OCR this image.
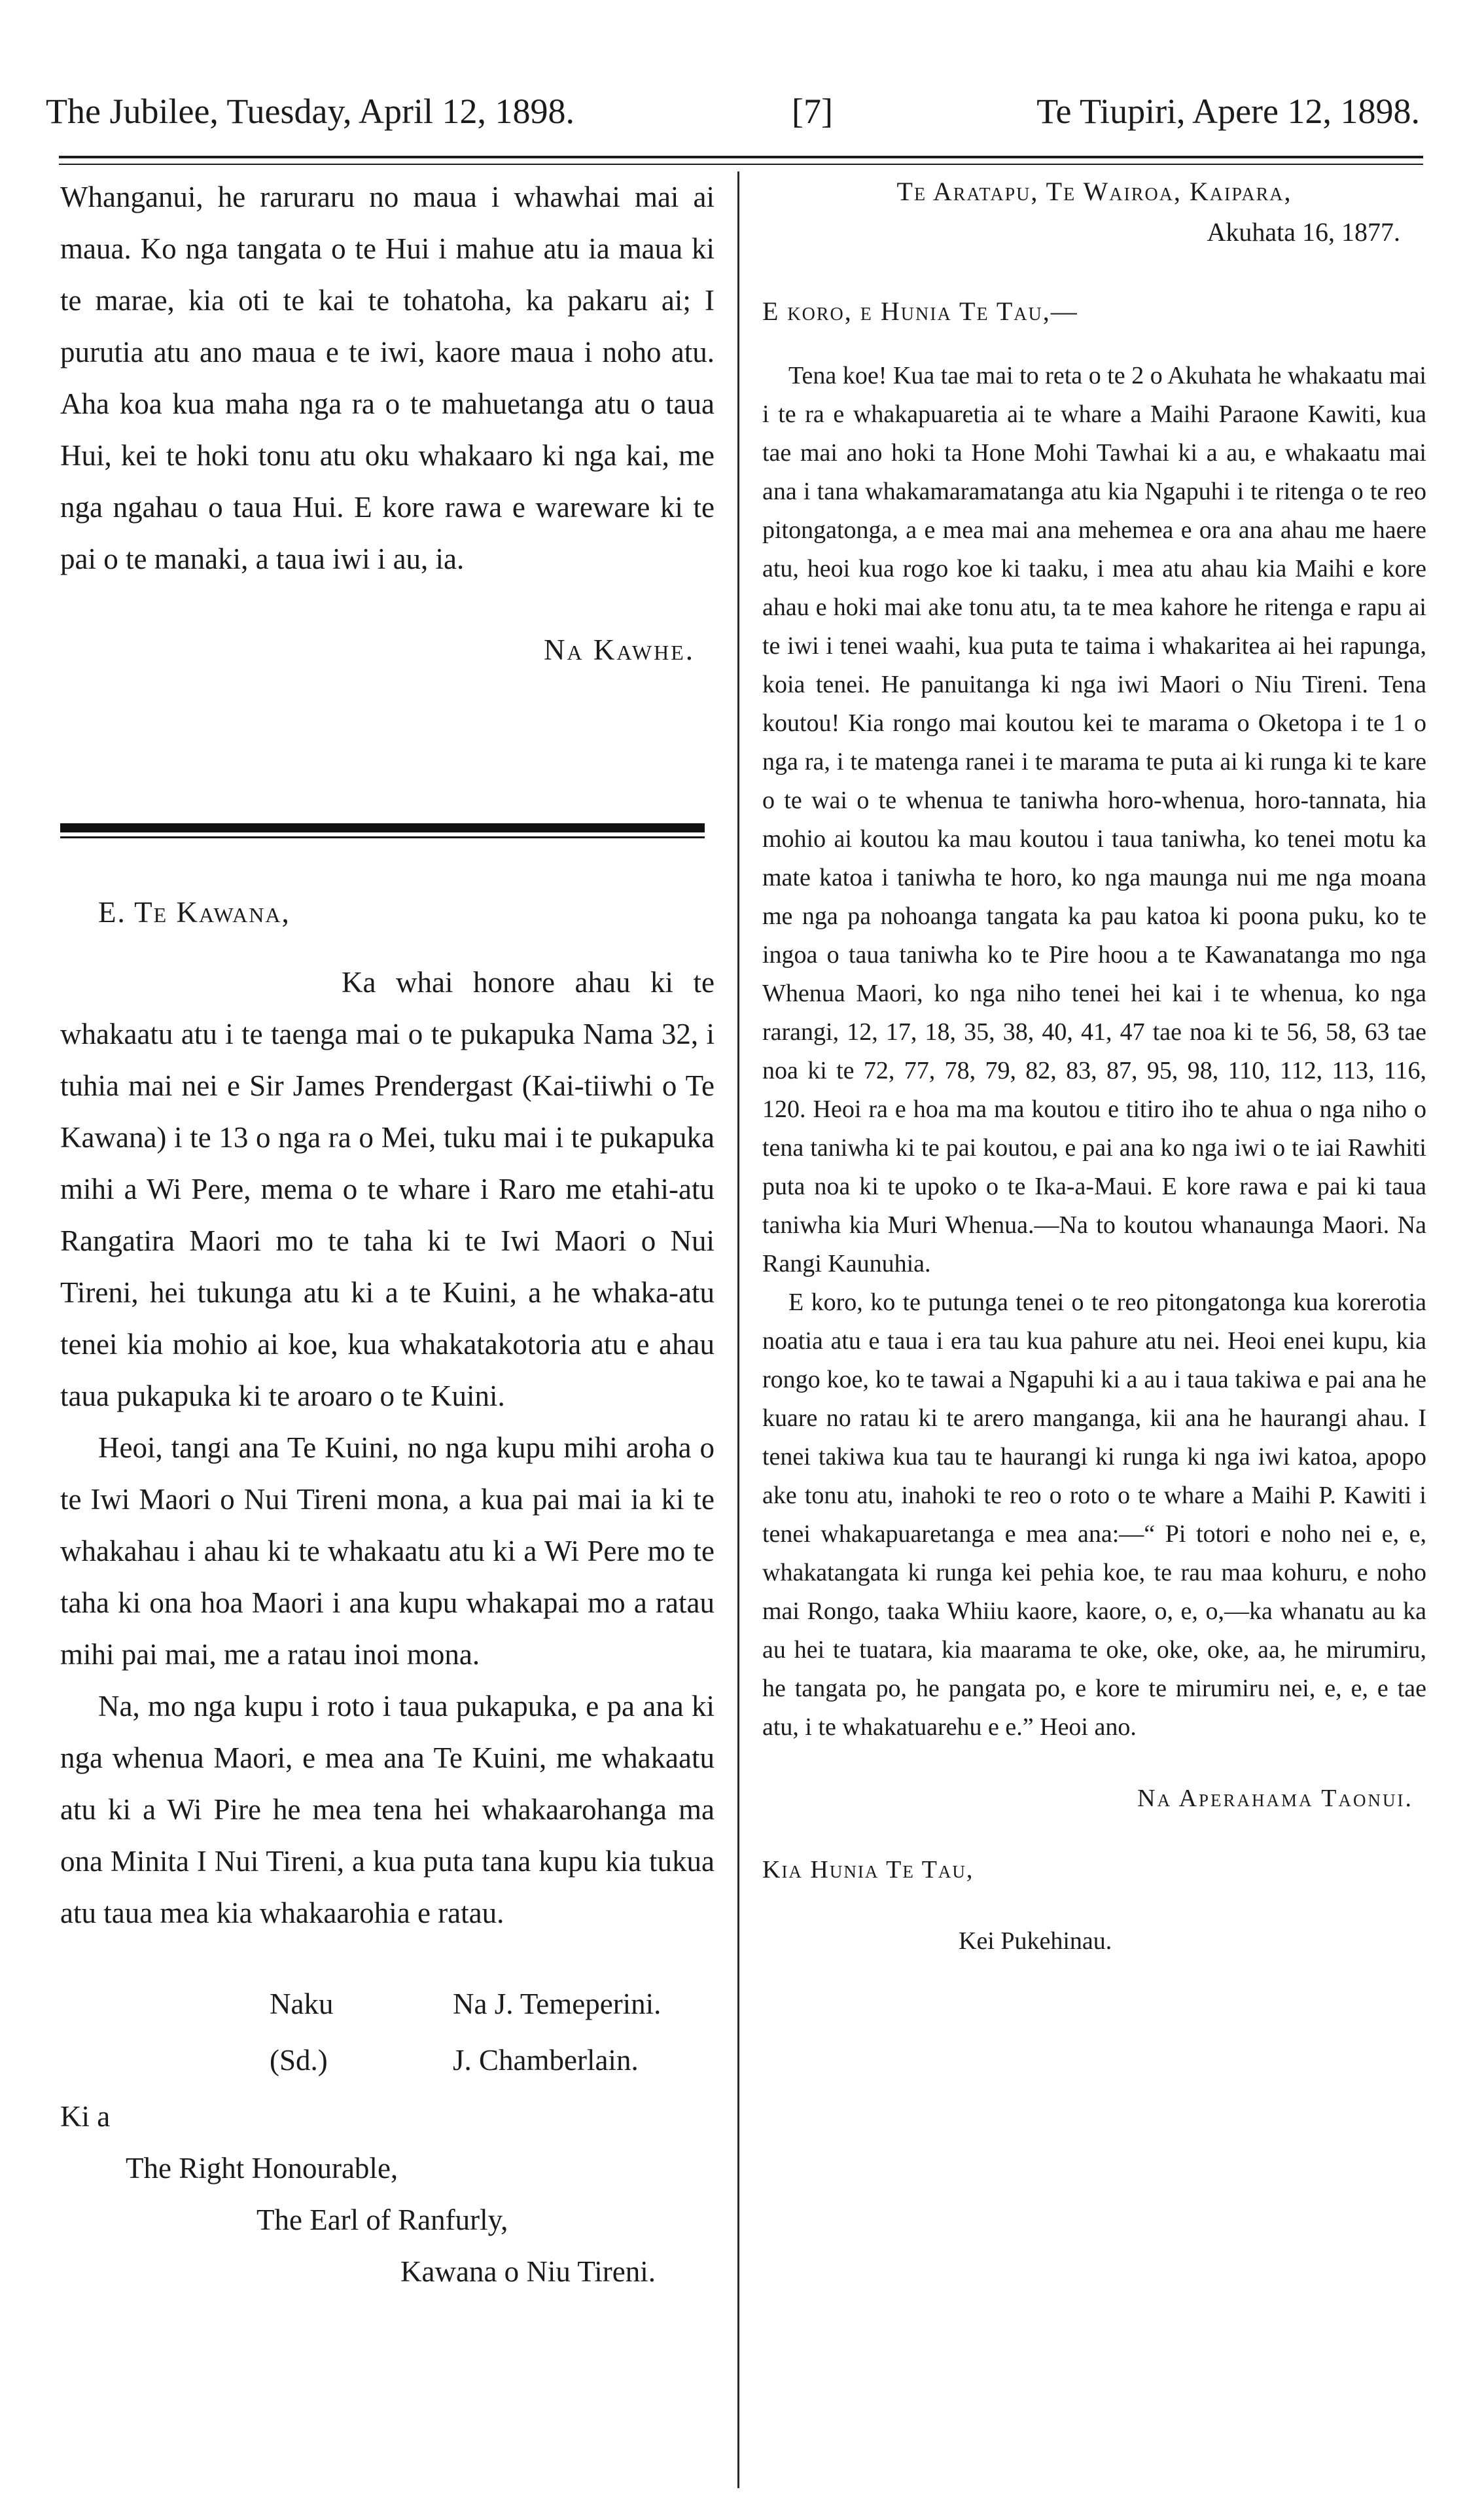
The Jubilee, Tuesday, April 12, 1898.	[7]	Te Tiupiri, Apere 12, 1898.

Whanganui, he raruraru no maua i whawhai mai ai maua. Ko nga tangata o te Hui i mahue atu ia maua ki te marae, kia oti te kai te tohatoha, ka pakaru ai; I purutia atu ano maua e te iwi, kaore maua i noho atu. Aha koa kua maha nga ra o te mahuetanga atu o taua Hui, kei te hoki tonu atu oku whakaaro ki nga kai, me nga ngahau o taua Hui. E kore rawa e wareware ki te pai o te manaki, a taua iwi i au, ia.

Na Kawhe.

E. Te Kawana,

Ka whai honore ahau ki te whakaatu atu i te taenga mai o te pukapuka Nama 32, i tuhia mai nei e Sir James Prendergast (Kai-tiiwhi o Te Kawana) i te 13 o nga ra o Mei, tuku mai i te pukapuka mihi a Wi Pere, mema o te whare i Raro me etahi-atu Rangatira Maori mo te taha ki te Iwi Maori o Nui Tireni, hei tukunga atu ki a te Kuini, a he whaka-atu tenei kia mohio ai koe, kua whakatakotoria atu e ahau taua pukapuka ki te aroaro o te Kuini.

Heoi, tangi ana Te Kuini, no nga kupu mihi aroha o te Iwi Maori o Nui Tireni mona, a kua pai mai ia ki te whakahau i ahau ki te whakaatu atu ki a Wi Pere mo te taha ki ona hoa Maori i ana kupu whakapai mo a ratau mihi pai mai, me a ratau inoi mona.

Na, mo nga kupu i roto i taua pukapuka, e pa ana ki nga whenua Maori, e mea ana Te Kuini, me whakaatu atu ki a Wi Pire he mea tena hei whakaarohanga ma ona Minita I Nui Tireni, a kua puta tana kupu kia tukua atu taua mea kia whakaarohia e ratau.

Naku	Na J. Temeperini.
(Sd.)	J. Chamberlain.

Ki a

The Right Honourable,

The Earl of Ranfurly,

Kawana o Niu Tireni.

Te Aratapu, Te Wairoa, Kaipara,

Akuhata 16, 1877.

E koro, e Hunia Te Tau,—

Tena koe! Kua tae mai to reta o te 2 o Akuhata he whakaatu mai i te ra e whakapuaretia ai te whare a Maihi Paraone Kawiti, kua tae mai ano hoki ta Hone Mohi Tawhai ki a au, e whakaatu mai ana i tana whakamaramatanga atu kia Ngapuhi i te ritenga o te reo pitongatonga, a e mea mai ana mehemea e ora ana ahau me haere atu, heoi kua rogo koe ki taaku, i mea atu ahau kia Maihi e kore ahau e hoki mai ake tonu atu, ta te mea kahore he ritenga e rapu ai te iwi i tenei waahi, kua puta te taima i whakaritea ai hei rapunga, koia tenei. He panuitanga ki nga iwi Maori o Niu Tireni. Tena koutou! Kia rongo mai koutou kei te marama o Oketopa i te 1 o nga ra, i te matenga ranei i te marama te puta ai ki runga ki te kare o te wai o te whenua te taniwha horo-whenua, horo-tannata, hia mohio ai koutou ka mau koutou i taua taniwha, ko tenei motu ka mate katoa i taniwha te horo, ko nga maunga nui me nga moana me nga pa nohoanga tangata ka pau katoa ki poona puku, ko te ingoa o taua taniwha ko te Pire hoou a te Kawanatanga mo nga Whenua Maori, ko nga niho tenei hei kai i te whenua, ko nga rarangi, 12, 17, 18, 35, 38, 40, 41, 47 tae noa ki te 56, 58, 63 tae noa ki te 72, 77, 78, 79, 82, 83, 87, 95, 98, 110, 112, 113, 116, 120. Heoi ra e hoa ma ma koutou e titiro iho te ahua o nga niho o tena taniwha ki te pai koutou, e pai ana ko nga iwi o te iai Rawhiti puta noa ki te upoko o te Ika-a-Maui. E kore rawa e pai ki taua taniwha kia Muri Whenua.—Na to koutou whanaunga Maori. Na Rangi Kaunuhia.

E koro, ko te putunga tenei o te reo pitongatonga kua korerotia noatia atu e taua i era tau kua pahure atu nei. Heoi enei kupu, kia rongo koe, ko te tawai a Ngapuhi ki a au i taua takiwa e pai ana he kuare no ratau ki te arero manganga, kii ana he haurangi ahau. I tenei takiwa kua tau te haurangi ki runga ki nga iwi katoa, apopo ake tonu atu, inahoki te reo o roto o te whare a Maihi P. Kawiti i tenei whakapuaretanga e mea ana:—“ Pi totori e noho nei e, e, whakatangata ki runga kei pehia koe, te rau maa kohuru, e noho mai Rongo, taaka Whiiu kaore, kaore, o, e, o,—ka whanatu au ka au hei te tuatara, kia maarama te oke, oke, oke, aa, he mirumiru, he tangata po, he pangata po, e kore te mirumiru nei, e, e, e tae atu, i te whakatuarehu e e.” Heoi ano.

Na Aperahama Taonui.

Kia Hunia Te Tau,

Kei Pukehinau.
